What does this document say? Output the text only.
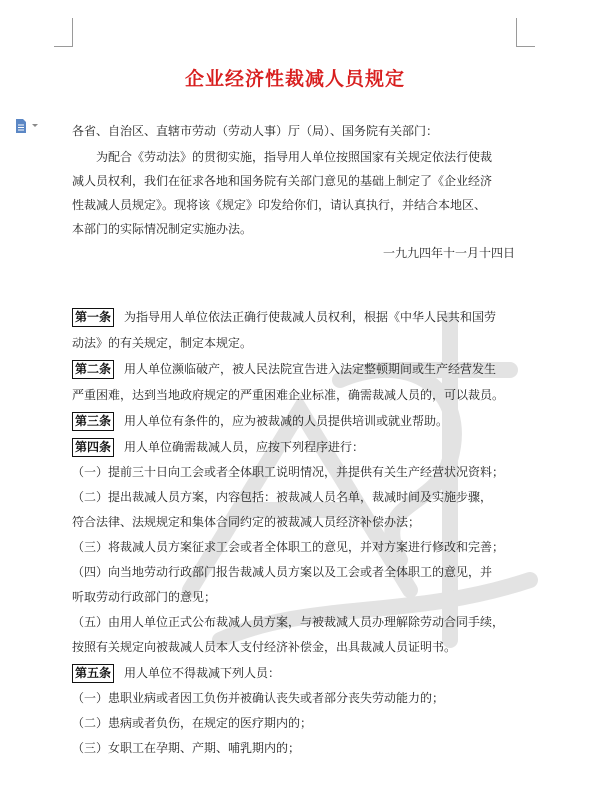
企业经济性裁减人员规定
各省、自治区、直辖市劳动（劳动人事）厅（局）、国务院有关部门：
为配合《劳动法》的贯彻实施，指导用人单位按照国家有关规定依法行使裁
减人员权利，我们在征求各地和国务院有关部门意见的基础上制定了《企业经济
性裁减人员规定》。现将该《规定》印发给你们，请认真执行，并结合本地区、
本部门的实际情况制定实施办法。
一九九四年十一月十四日
第一条 为指导用人单位依法正确行使裁减人员权利，根据《中华人民共和国劳
动法》的有关规定，制定本规定。
第二条 用人单位濒临破产，被人民法院宣告进入法定整顿期间或生产经营发生
严重困难，达到当地政府规定的严重困难企业标准，确需裁减人员的，可以裁员。
第三条 用人单位有条件的，应为被裁减的人员提供培训或就业帮助。
第四条 用人单位确需裁减人员，应按下列程序进行：
（一）提前三十日向工会或者全体职工说明情况，并提供有关生产经营状况资料；
（二）提出裁减人员方案，内容包括：被裁减人员名单，裁减时间及实施步骤，
符合法律、法规规定和集体合同约定的被裁减人员经济补偿办法；
（三）将裁减人员方案征求工会或者全体职工的意见，并对方案进行修改和完善；
（四）向当地劳动行政部门报告裁减人员方案以及工会或者全体职工的意见，并
听取劳动行政部门的意见；
（五）由用人单位正式公布裁减人员方案，与被裁减人员办理解除劳动合同手续，
按照有关规定向被裁减人员本人支付经济补偿金，出具裁减人员证明书。
第五条 用人单位不得裁减下列人员：
（一）患职业病或者因工负伤并被确认丧失或者部分丧失劳动能力的；
（二）患病或者负伤，在规定的医疗期内的；
（三）女职工在孕期、产期、哺乳期内的；
